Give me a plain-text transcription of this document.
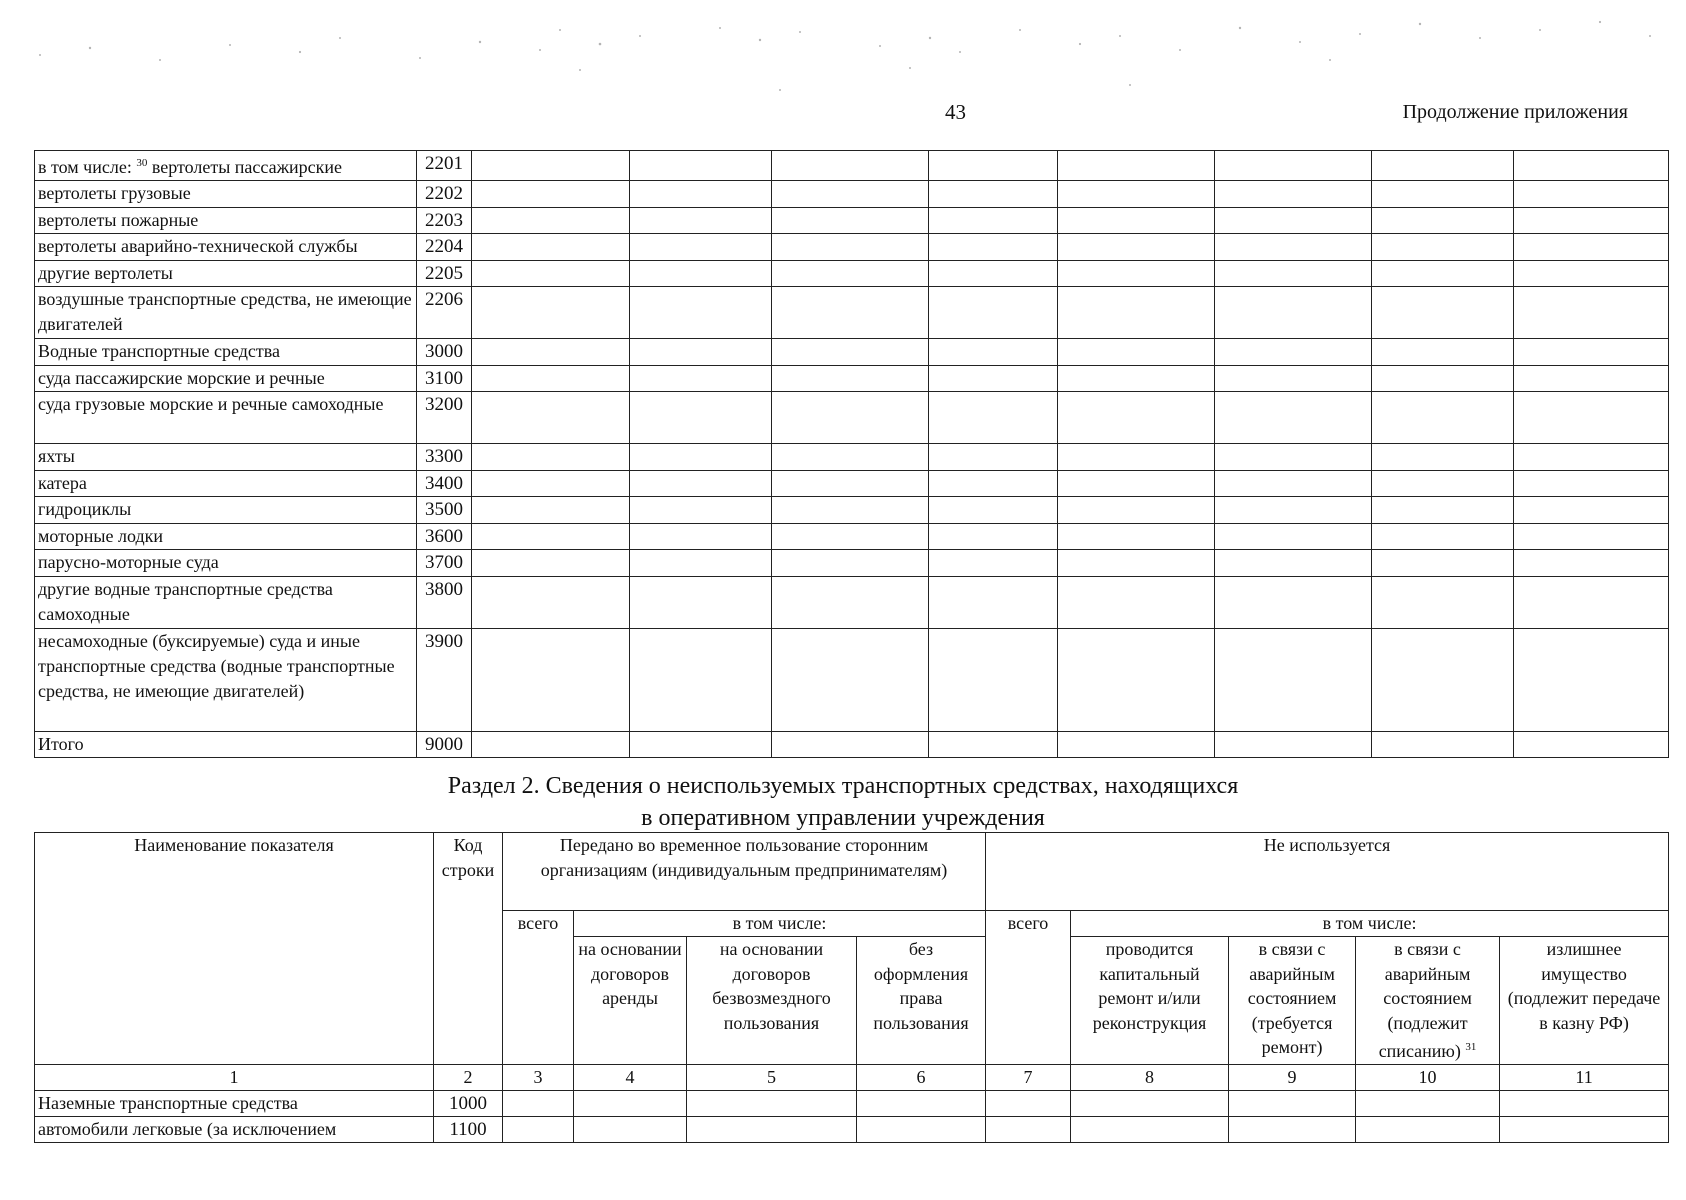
43	Продолжение приложения
в том числе: $^{30}$ вертолеты пассажирские	2201								
вертолеты грузовые	2202								
вертолеты пожарные	2203								
вертолеты аварийно-технической службы	2204								
другие вертолеты	2205								
воздушные транспортные средства, не имеющие двигателей	2206								
Водные транспортные средства	3000								
суда пассажирские морские и речные	3100								
суда грузовые морские и речные самоходные	3200								
яхты	3300								
катера	3400								
гидроциклы	3500								
моторные лодки	3600								
парусно-моторные суда	3700								
другие водные транспортные средства самоходные	3800								
несамоходные (буксируемые) суда и иные транспортные средства (водные транспортные средства, не имеющие двигателей)	3900								
Итого	9000								
Раздел 2. Сведения о неиспользуемых транспортных средствах, находящихся
в оперативном управлении учреждения
Наименование показателя	Код строки	Передано во временное пользование сторонним организациям (индивидуальным предпринимателям)				Не используется				
		всего	в том числе:			всего	в том числе:			
			на основании договоров аренды	на основании договоров безвозмездного пользования	без оформления права пользования		проводится капитальный ремонт и/или реконструкция	в связи с аварийным состоянием (требуется ремонт)	в связи с аварийным состоянием (подлежит списанию) $^{31}$	излишнее имущество (подлежит передаче в казну РФ)
1	2	3	4	5	6	7	8	9	10	11
Наземные транспортные средства	1000									
автомобили легковые (за исключением	1100									
